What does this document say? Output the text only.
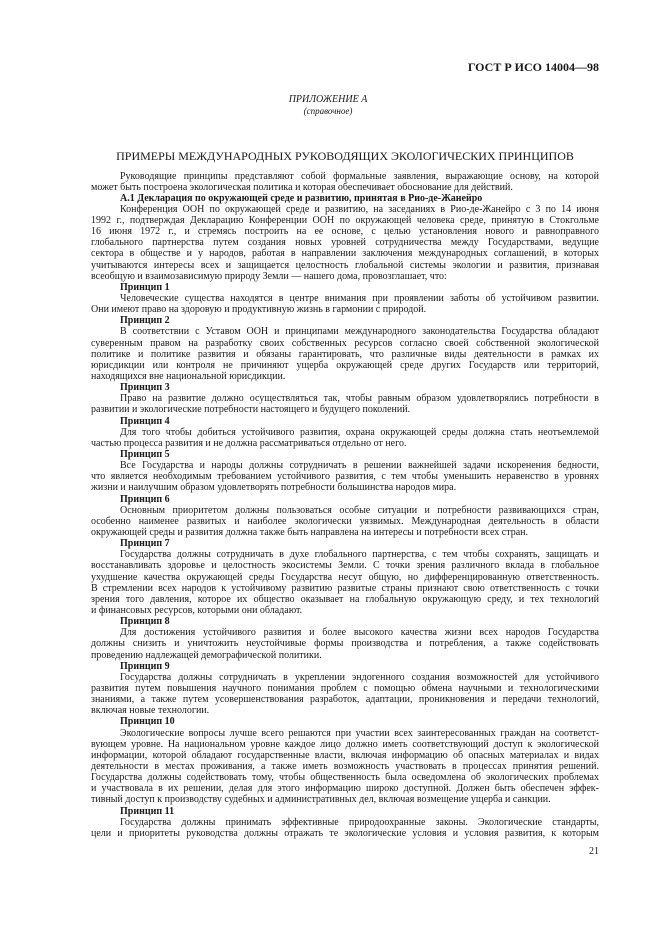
ГОСТ Р ИСО 14004—98
ПРИЛОЖЕНИЕ А
(справочное)
ПРИМЕРЫ МЕЖДУНАРОДНЫХ РУКОВОДЯЩИХ ЭКОЛОГИЧЕСКИХ ПРИНЦИПОВ
Руководящие принципы представляют собой формальные заявления, выражающие основу, на которой
может быть построена экологическая политика и которая обеспечивает обоснование для действий.
А.1 Декларация по окружающей среде и развитию, принятая в Рио-де-Жанейро
Конференция ООН по окружающей среде и развитию, на заседаниях в Рио-де-Жанейро с 3 по 14 июня
1992 г., подтверждая Декларацию Конференции ООН по окружающей человека среде, принятую в Стокгольме
16 июня 1972 г., и стремясь построить на ее основе, с целью установления нового и равноправного
глобального партнерства путем создания новых уровней сотрудничества между Государствами, ведущие
сектора в обществе и у народов, работая в направлении заключения международных соглашений, в которых
учитываются интересы всех и защищается целостность глобальной системы экологии и развития, признавая
всеобщую и взаимозависимую природу Земли — нашего дома, провозглашает, что:
Принцип 1
Человеческие существа находятся в центре внимания при проявлении заботы об устойчивом развитии.
Они имеют право на здоровую и продуктивную жизнь в гармонии с природой.
Принцип 2
В соответствии с Уставом ООН и принципами международного законодательства Государства обладают
суверенным правом на разработку своих собственных ресурсов согласно своей собственной экологической
политике и политике развития и обязаны гарантировать, что различные виды деятельности в рамках их
юрисдикции или контроля не причиняют ущерба окружающей среде других Государств или территорий,
находящихся вне национальной юрисдикции.
Принцип 3
Право на развитие должно осуществляться так, чтобы равным образом удовлетворялись потребности в
развитии и экологические потребности настоящего и будущего поколений.
Принцип 4
Для того чтобы добиться устойчивого развития, охрана окружающей среды должна стать неотъемлемой
частью процесса развития и не должна рассматриваться отдельно от него.
Принцип 5
Все Государства и народы должны сотрудничать в решении важнейшей задачи искоренения бедности,
что является необходимым требованием устойчивого развития, с тем чтобы уменьшить неравенство в уровнях
жизни и наилучшим образом удовлетворять потребности большинства народов мира.
Принцип 6
Основным приоритетом должны пользоваться особые ситуации и потребности развивающихся стран,
особенно наименее развитых и наиболее экологически уязвимых. Международная деятельность в области
окружающей среды и развития должна также быть направлена на интересы и потребности всех стран.
Принцип 7
Государства должны сотрудничать в духе глобального партнерства, с тем чтобы сохранять, защищать и
восстанавливать здоровье и целостность экосистемы Земли. С точки зрения различного вклада в глобальное
ухудшение качества окружающей среды Государства несут общую, но дифференцированную ответственность.
В стремлении всех народов к устойчивому развитию развитые страны признают свою ответственность с точки
зрения того давления, которое их общество оказывает на глобальную окружающую среду, и тех технологий
и финансовых ресурсов, которыми они обладают.
Принцип 8
Для достижения устойчивого развития и более высокого качества жизни всех народов Государства
должны снизить и уничтожить неустойчивые формы производства и потребления, а также содействовать
проведению надлежащей демографической политики.
Принцип 9
Государства должны сотрудничать в укреплении эндогенного создания возможностей для устойчивого
развития путем повышения научного понимания проблем с помощью обмена научными и технологическими
знаниями, а также путем усовершенствования разработок, адаптации, проникновения и передачи технологий,
включая новые технологии.
Принцип 10
Экологические вопросы лучше всего решаются при участии всех заинтересованных граждан на соответст-
вующем уровне. На национальном уровне каждое лицо должно иметь соответствующий доступ к экологической
информации, которой обладают государственные власти, включая информацию об опасных материалах и видах
деятельности в местах проживания, а также иметь возможность участвовать в процессах принятия решений.
Государства должны содействовать тому, чтобы общественность была осведомлена об экологических проблемах
и участвовала в их решении, делая для этого информацию широко доступной. Должен быть обеспечен эффек-
тивный доступ к производству судебных и административных дел, включая возмещение ущерба и санкции.
Принцип 11
Государства должны принимать эффективные природоохранные законы. Экологические стандарты,
цели и приоритеты руководства должны отражать те экологические условия и условия развития, к которым
21
